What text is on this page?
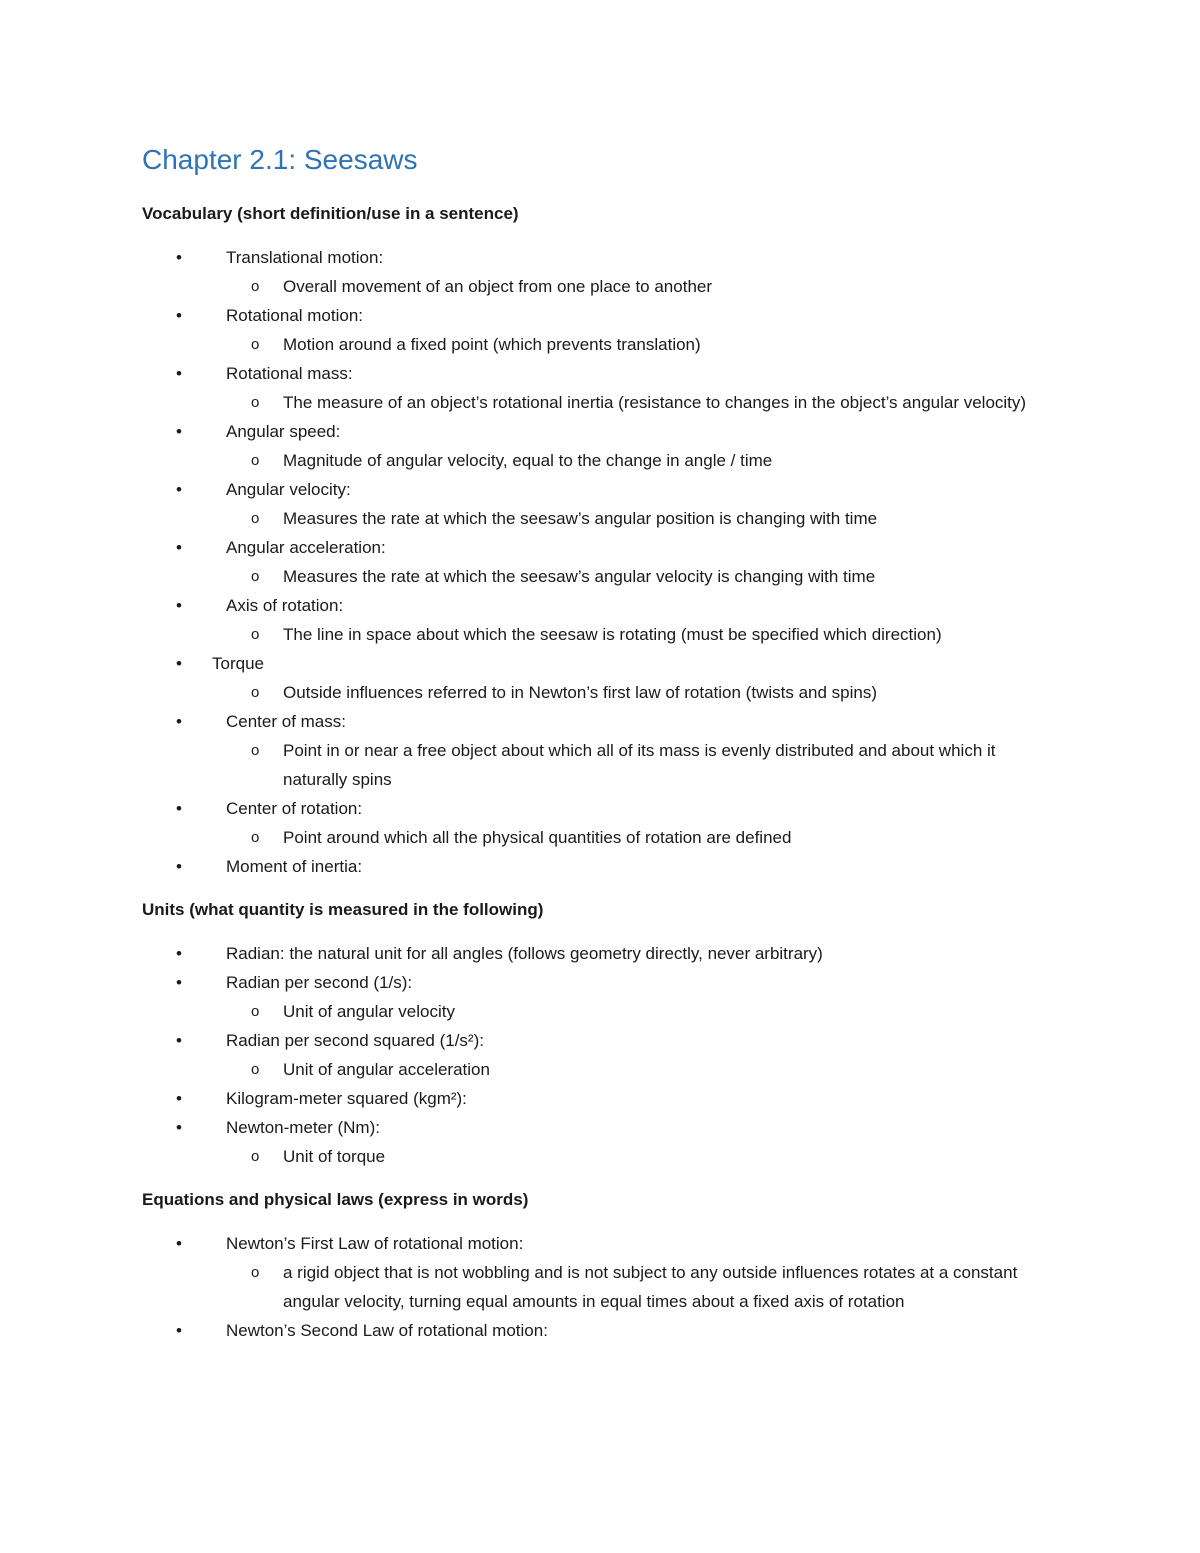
Chapter 2.1: Seesaws
Vocabulary (short definition/use in a sentence)
•	Translational motion:
o Overall movement of an object from one place to another
•	Rotational motion:
o Motion around a fixed point (which prevents translation)
•	Rotational mass:
o The measure of an object’s rotational inertia (resistance to changes in the object’s angular velocity)
•	Angular speed:
o Magnitude of angular velocity, equal to the change in angle / time
•	Angular velocity:
o Measures the rate at which the seesaw’s angular position is changing with time
•	Angular acceleration:
o Measures the rate at which the seesaw’s angular velocity is changing with time
•	Axis of rotation:
o The line in space about which the seesaw is rotating (must be specified which direction)
• Torque
o Outside influences referred to in Newton’s first law of rotation (twists and spins)
•	Center of mass:
o Point in or near a free object about which all of its mass is evenly distributed and about which it naturally spins
•	Center of rotation:
o Point around which all the physical quantities of rotation are defined
•	Moment of inertia:
Units (what quantity is measured in the following)
•	Radian: the natural unit for all angles (follows geometry directly, never arbitrary)
•	Radian per second (1/s):
o Unit of angular velocity
•	Radian per second squared (1/s²):
o Unit of angular acceleration
•	Kilogram-meter squared (kgm²):
•	Newton-meter (Nm):
o Unit of torque
Equations and physical laws (express in words)
•	Newton’s First Law of rotational motion:
o a rigid object that is not wobbling and is not subject to any outside influences rotates at a constant angular velocity, turning equal amounts in equal times about a fixed axis of rotation
•	Newton’s Second Law of rotational motion:
